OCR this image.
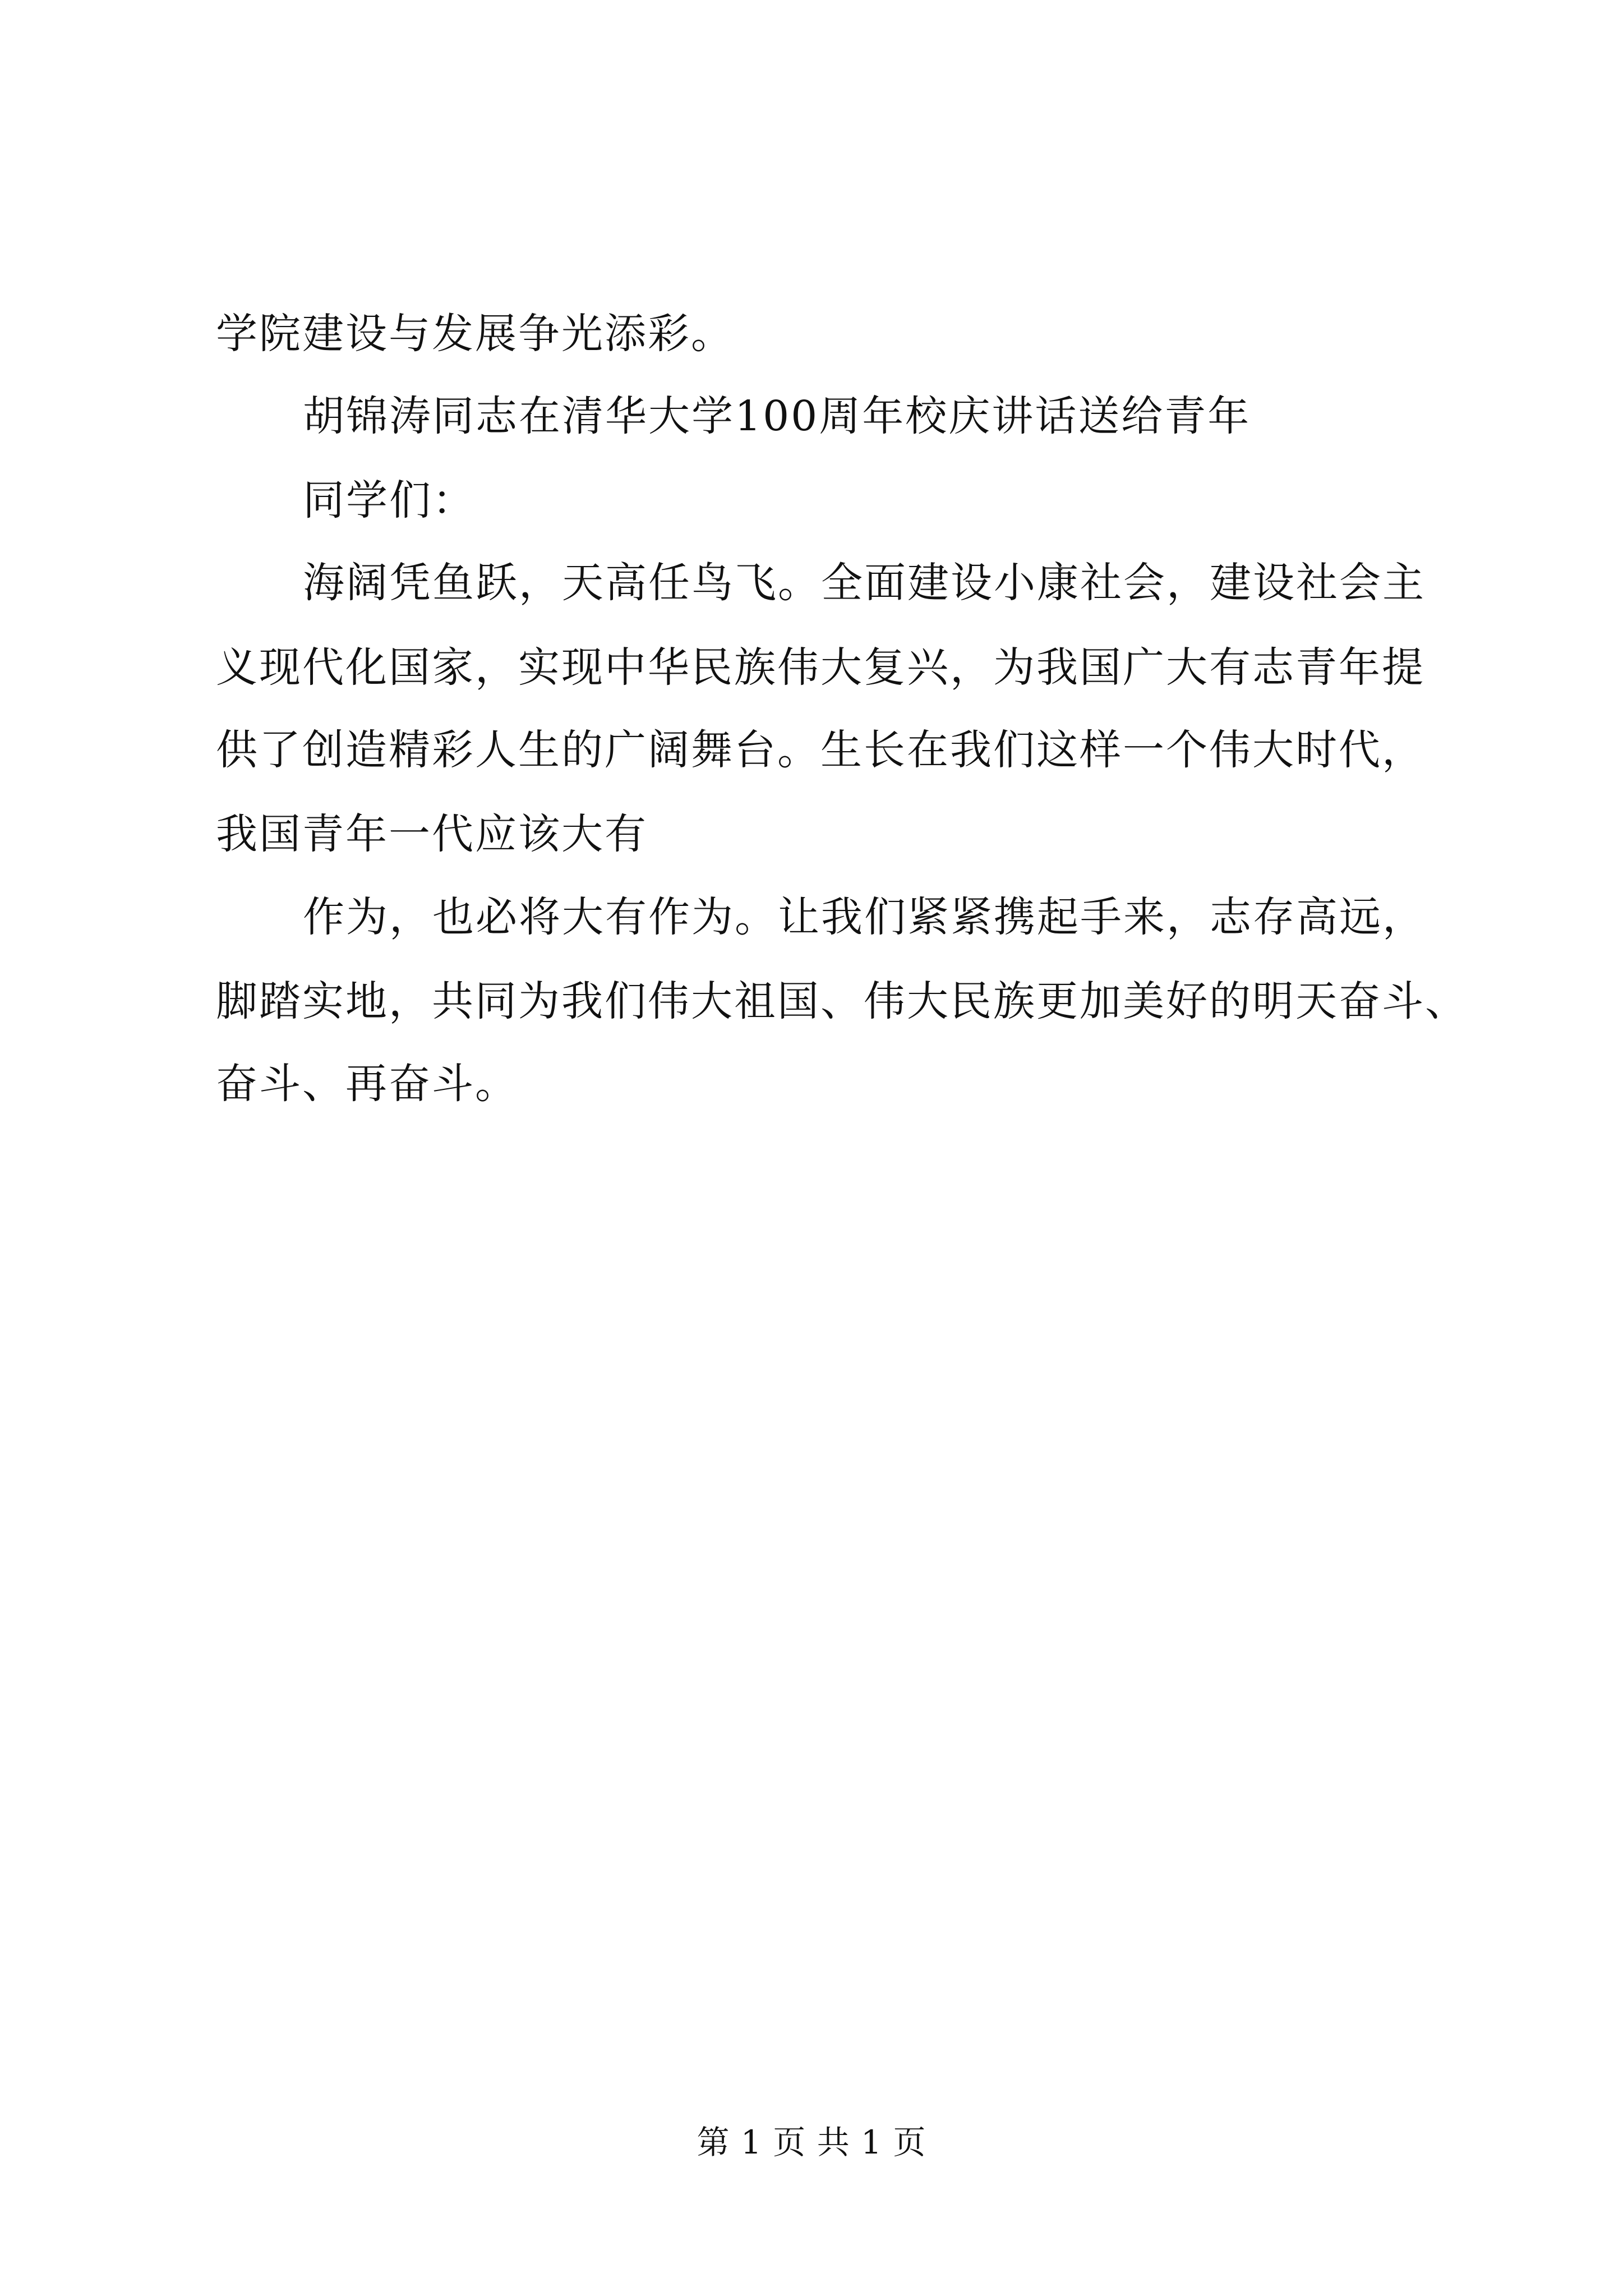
学院建设与发展争光添彩。
胡锦涛同志在清华大学100周年校庆讲话送给青年
同学们：
海阔凭鱼跃，天高任鸟飞。全面建设小康社会，建设社会主
义现代化国家，实现中华民族伟大复兴，为我国广大有志青年提
供了创造精彩人生的广阔舞台。生长在我们这样一个伟大时代，
我国青年一代应该大有
作为，也必将大有作为。让我们紧紧携起手来，志存高远，
脚踏实地，共同为我们伟大祖国、伟大民族更加美好的明天奋斗、
奋斗、再奋斗。
第 1 页 共 1 页
